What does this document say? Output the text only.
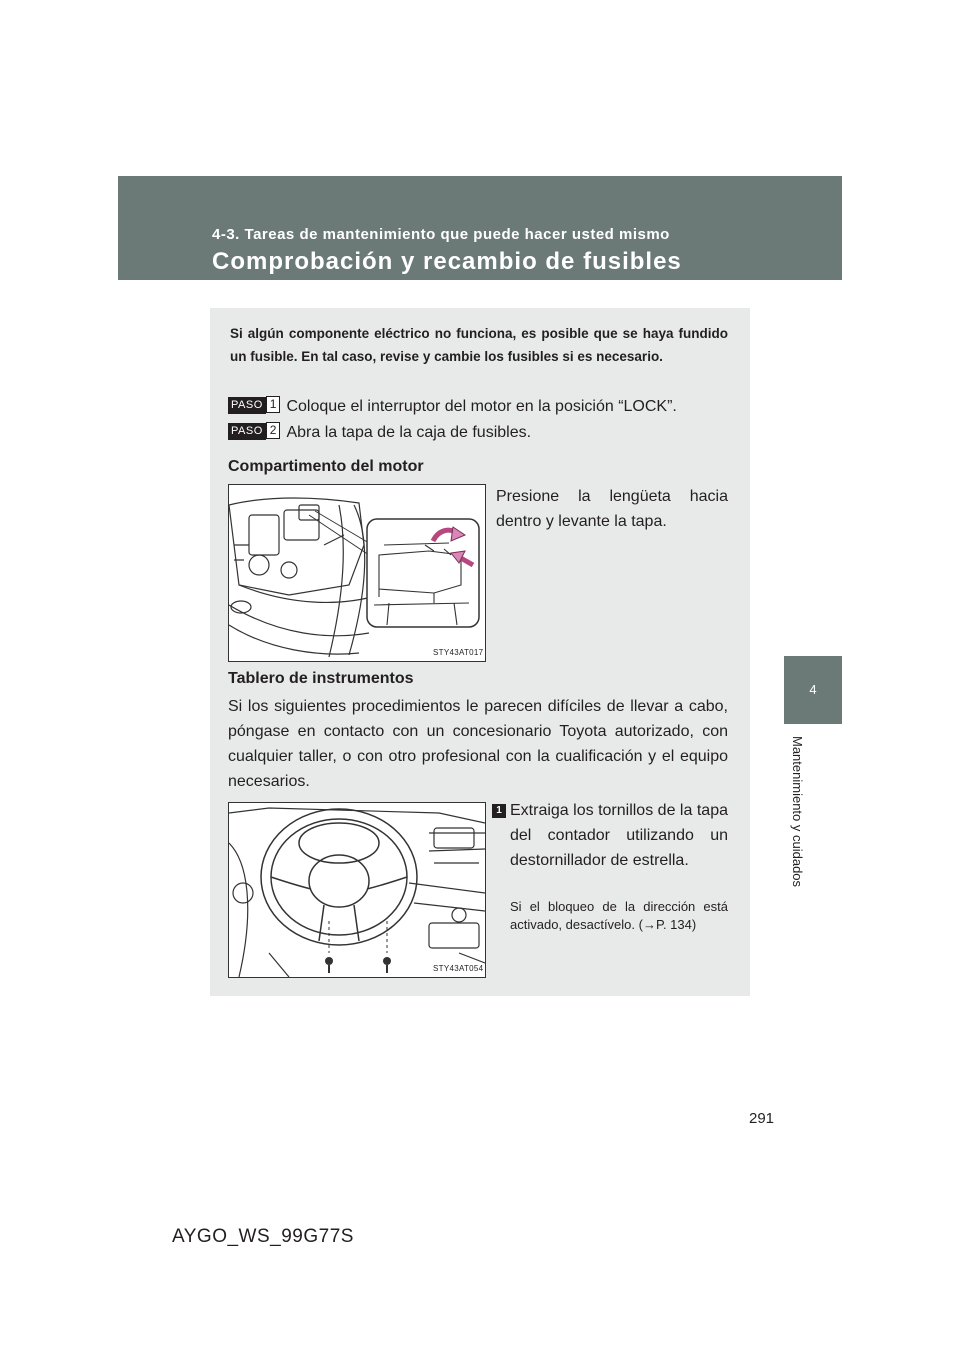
4-3. Tareas de mantenimiento que puede hacer usted mismo
Comprobación y recambio de fusibles
4
Mantenimiento y cuidados
Si algún componente eléctrico no funciona, es posible que se haya fundido un fusible. En tal caso, revise y cambie los fusibles si es necesario.
PASO 1 Coloque el interruptor del motor en la posición “LOCK”.
PASO 2 Abra la tapa de la caja de fusibles.
Compartimento del motor
STY43AT017
Presione la lengüeta hacia dentro y levante la tapa.
Tablero de instrumentos
Si los siguientes procedimientos le parecen difíciles de llevar a cabo, póngase en contacto con un concesionario Toyota autorizado, con cualquier taller, o con otro profesional con la cualificación y el equipo necesarios.
STY43AT054
1 Extraiga los tornillos de la tapa del contador utilizando un destornillador de estrella.
Si el bloqueo de la dirección está activado, desactívelo. (→P. 134)
291
AYGO_WS_99G77S
